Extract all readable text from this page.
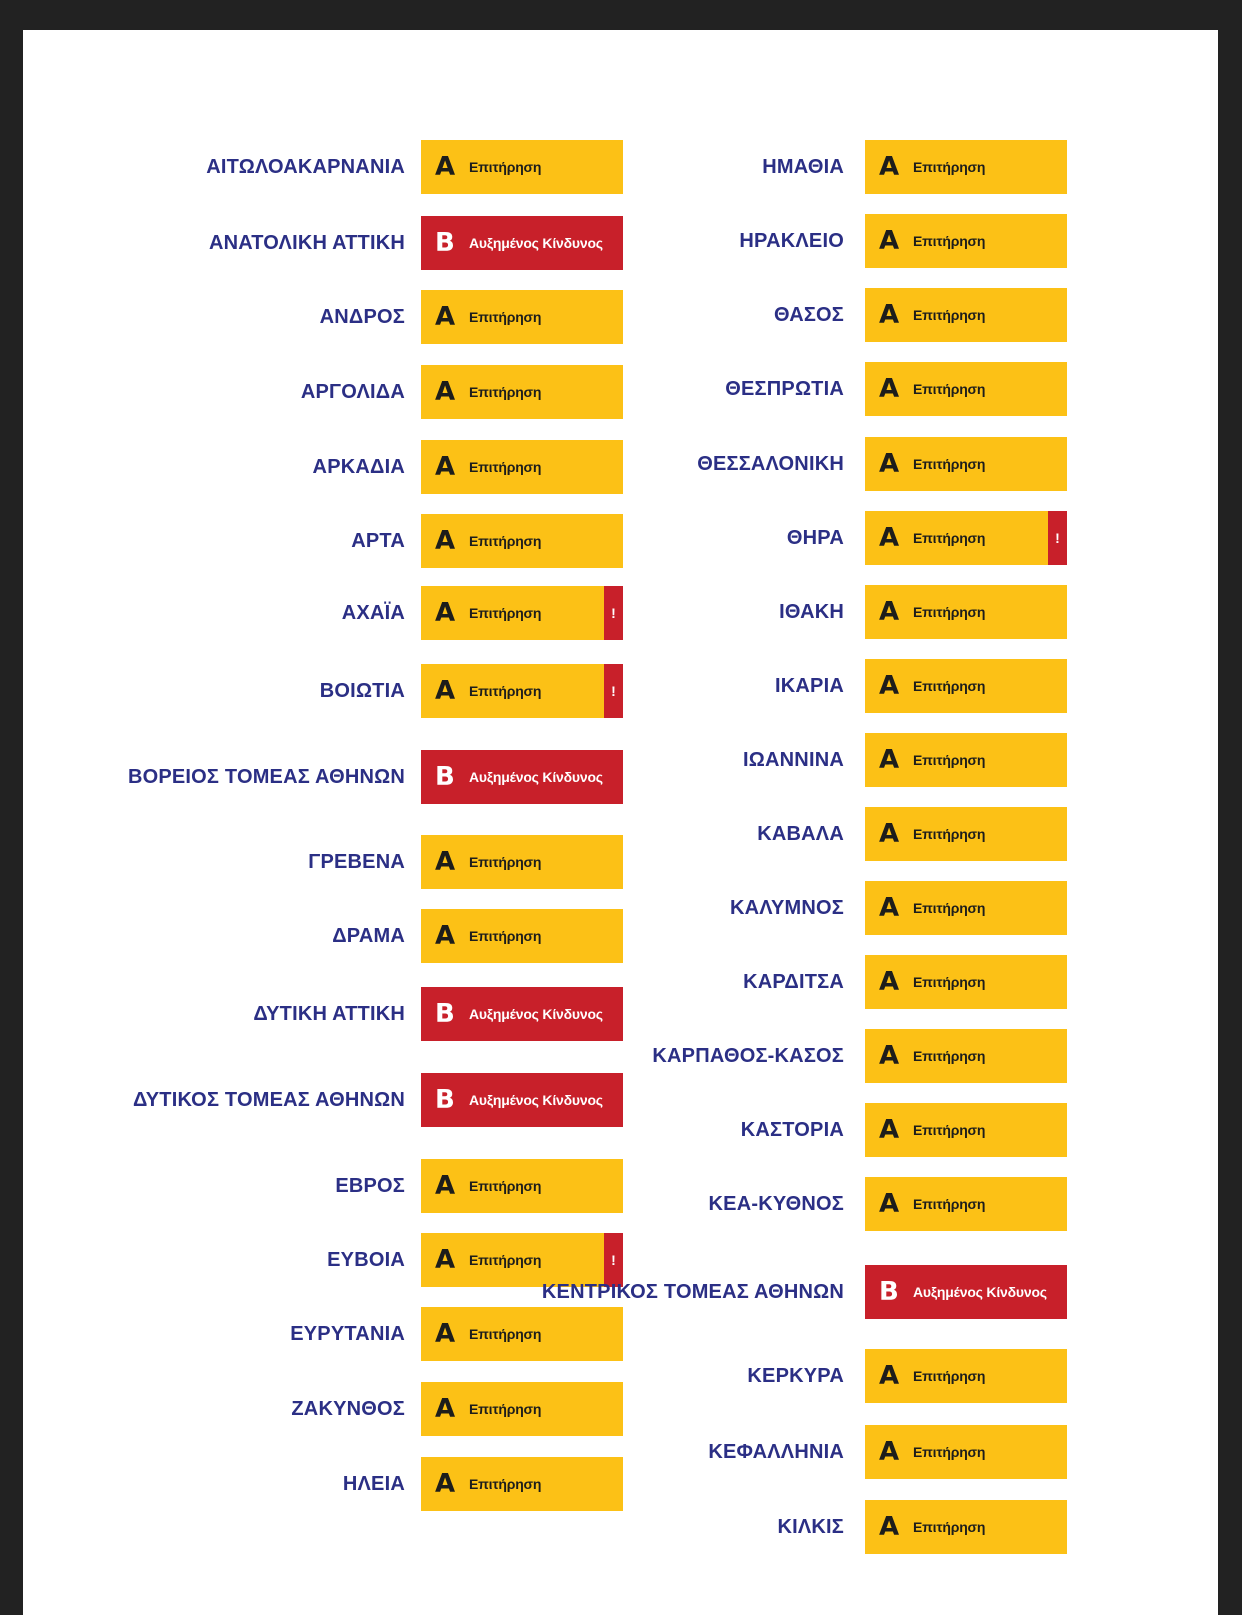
ΑΙΤΩΛΟΑΚΑΡΝΑΝΙΑ Α Επιτήρηση
ΑΝΑΤΟΛΙΚΗ ΑΤΤΙΚΗ Β	Αυξημένος Κίνδυνος
ΑΝΔΡΟΣ Α Επιτήρηση
ΑΡΓΟΛΙΔΑ Α Επιτήρηση
ΑΡΚΑΔΙΑ Α Επιτήρηση
ΑΡΤΑ Α Επιτήρηση
ΑΧΑΪΑ Α Επιτήρηση	!
ΒΟΙΩΤΙΑ Α Επιτήρηση	!
ΒΟΡΕΙΟΣ ΤΟΜΕΑΣ ΑΘΗΝΩΝ Β	Αυξημένος Κίνδυνος
ΓΡΕΒΕΝΑ Α Επιτήρηση
ΔΡΑΜΑ Α Επιτήρηση
ΔΥΤΙΚΗ ΑΤΤΙΚΗ Β	Αυξημένος Κίνδυνος
ΔΥΤΙΚΟΣ ΤΟΜΕΑΣ ΑΘΗΝΩΝ Β	Αυξημένος Κίνδυνος
ΕΒΡΟΣ Α Επιτήρηση
ΕΥΒΟΙΑ Α Επιτήρηση	!
ΕΥΡΥΤΑΝΙΑ Α Επιτήρηση
ΖΑΚΥΝΘΟΣ Α Επιτήρηση
ΗΛΕΙΑ Α Επιτήρηση
ΗΜΑΘΙΑ Α Επιτήρηση
ΗΡΑΚΛΕΙΟ Α Επιτήρηση
ΘΑΣΟΣ Α Επιτήρηση
ΘΕΣΠΡΩΤΙΑ Α Επιτήρηση
ΘΕΣΣΑΛΟΝΙΚΗ Α Επιτήρηση
ΘΗΡΑ Α Επιτήρηση	!
ΙΘΑΚΗ Α Επιτήρηση
ΙΚΑΡΙΑ Α Επιτήρηση
ΙΩΑΝΝΙΝΑ Α Επιτήρηση
ΚΑΒΑΛΑ Α Επιτήρηση
ΚΑΛΥΜΝΟΣ Α Επιτήρηση
ΚΑΡΔΙΤΣΑ Α Επιτήρηση
ΚΑΡΠΑΘΟΣ-ΚΑΣΟΣ Α Επιτήρηση
ΚΑΣΤΟΡΙΑ Α Επιτήρηση
ΚΕΑ-ΚΥΘΝΟΣ Α Επιτήρηση
ΚΕΝΤΡΙΚΟΣ ΤΟΜΕΑΣ ΑΘΗΝΩΝ Β	Αυξημένος Κίνδυνος
ΚΕΡΚΥΡΑ Α Επιτήρηση
ΚΕΦΑΛΛΗΝΙΑ Α Επιτήρηση
ΚΙΛΚΙΣ Α Επιτήρηση
